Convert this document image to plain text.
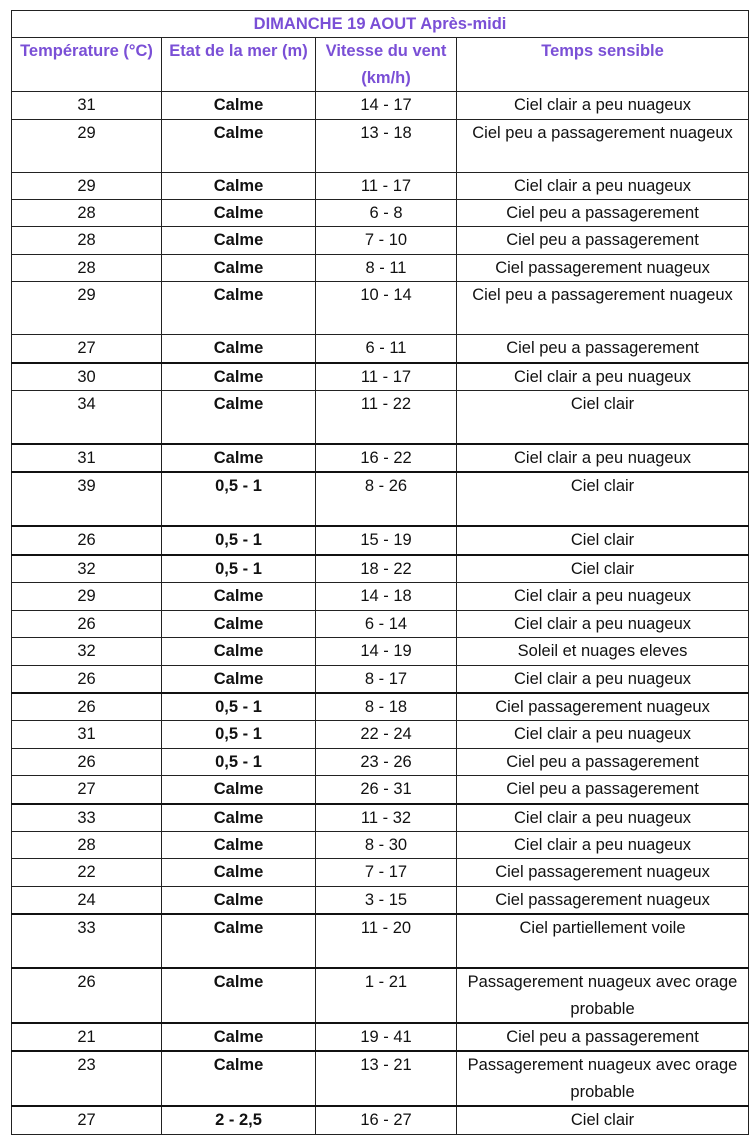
DIMANCHE 19 AOUT Après-midi			
Température (°C)	Etat de la mer (m)	Vitesse du vent (km/h)	Temps sensible
31	Calme	14 - 17	Ciel clair a peu nuageux
29	Calme	13 - 18	Ciel peu a passagerement nuageux
29	Calme	11 - 17	Ciel clair a peu nuageux
28	Calme	6 - 8	Ciel peu a passagerement
28	Calme	7 - 10	Ciel peu a passagerement
28	Calme	8 - 11	Ciel passagerement nuageux
29	Calme	10 - 14	Ciel peu a passagerement nuageux
27	Calme	6 - 11	Ciel peu a passagerement
30	Calme	11 - 17	Ciel clair a peu nuageux
34	Calme	11 - 22	Ciel clair
31	Calme	16 - 22	Ciel clair a peu nuageux
39	0,5 - 1	8 - 26	Ciel clair
26	0,5 - 1	15 - 19	Ciel clair
32	0,5 - 1	18 - 22	Ciel clair
29	Calme	14 - 18	Ciel clair a peu nuageux
26	Calme	6 - 14	Ciel clair a peu nuageux
32	Calme	14 - 19	Soleil et nuages eleves
26	Calme	8 - 17	Ciel clair a peu nuageux
26	0,5 - 1	8 - 18	Ciel passagerement nuageux
31	0,5 - 1	22 - 24	Ciel clair a peu nuageux
26	0,5 - 1	23 - 26	Ciel peu a passagerement
27	Calme	26 - 31	Ciel peu a passagerement
33	Calme	11 - 32	Ciel clair a peu nuageux
28	Calme	8 - 30	Ciel clair a peu nuageux
22	Calme	7 - 17	Ciel passagerement nuageux
24	Calme	3 - 15	Ciel passagerement nuageux
33	Calme	11 - 20	Ciel partiellement voile
26	Calme	1 - 21	Passagerement nuageux avec orage probable
21	Calme	19 - 41	Ciel peu a passagerement
23	Calme	13 - 21	Passagerement nuageux avec orage probable
27	2 - 2,5	16 - 27	Ciel clair
